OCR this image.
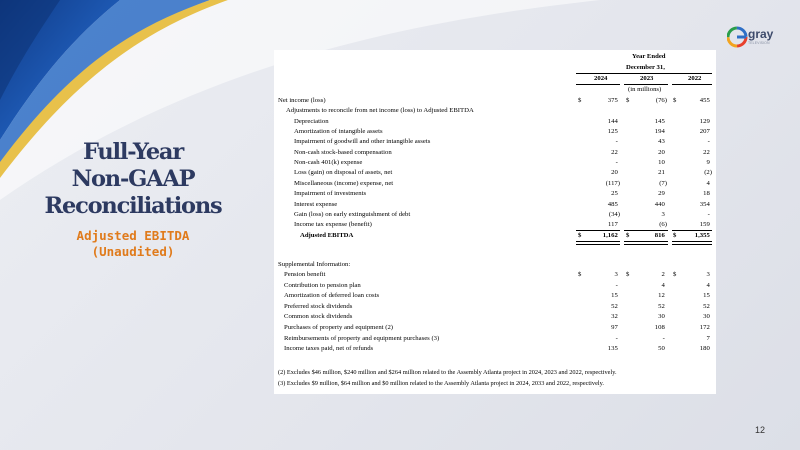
gray
TELEVISION
Full-Year
Non-GAAP
Reconciliations
Adjusted EBITDA
(Unaudited)
Year Ended
December 31,
2024	2023	2022
(in millions)
Net income (loss)	$	375 $	(76) $	455
Adjustments to reconcile from net income (loss) to Adjusted EBITDA
Depreciation	144	145	129
Amortization of intangible assets	125	194	207
Impairment of goodwill and other intangible assets	-	43	-
Non-cash stock-based compensation	22	20	22
Non-cash 401(k) expense	-	10	9
Loss (gain) on disposal of assets, net	20	21	(2)
Miscellaneous (income) expense, net	(117)	(7)	4
Impairment of investments	25	29	18
Interest expense	485	440	354
Gain (loss) on early extinguishment of debt	(34)	3	-
Income tax expense (benefit)	117	(6)	159
Adjusted EBITDA	$	1,162 $	816 $	1,355
Supplemental Information:
Pension benefit	$	3 $	2 $	3
Contribution to pension plan	-	4	4
Amortization of deferred loan costs	15	12	15
Preferred stock dividends	52	52	52
Common stock dividends	32	30	30
Purchases of property and equipment (2)	97	108	172
Reimbursements of property and equipment purchases (3)	-	-	7
Income taxes paid, net of refunds	135	50	180
(2) Excludes $46 million, $240 million and $264 million related to the Assembly Atlanta project in 2024, 2023 and 2022, respectively.
(3) Excludes $9 million, $64 million and $0 million related to the Assembly Atlanta project in 2024, 2033 and 2022, respectively.
12
